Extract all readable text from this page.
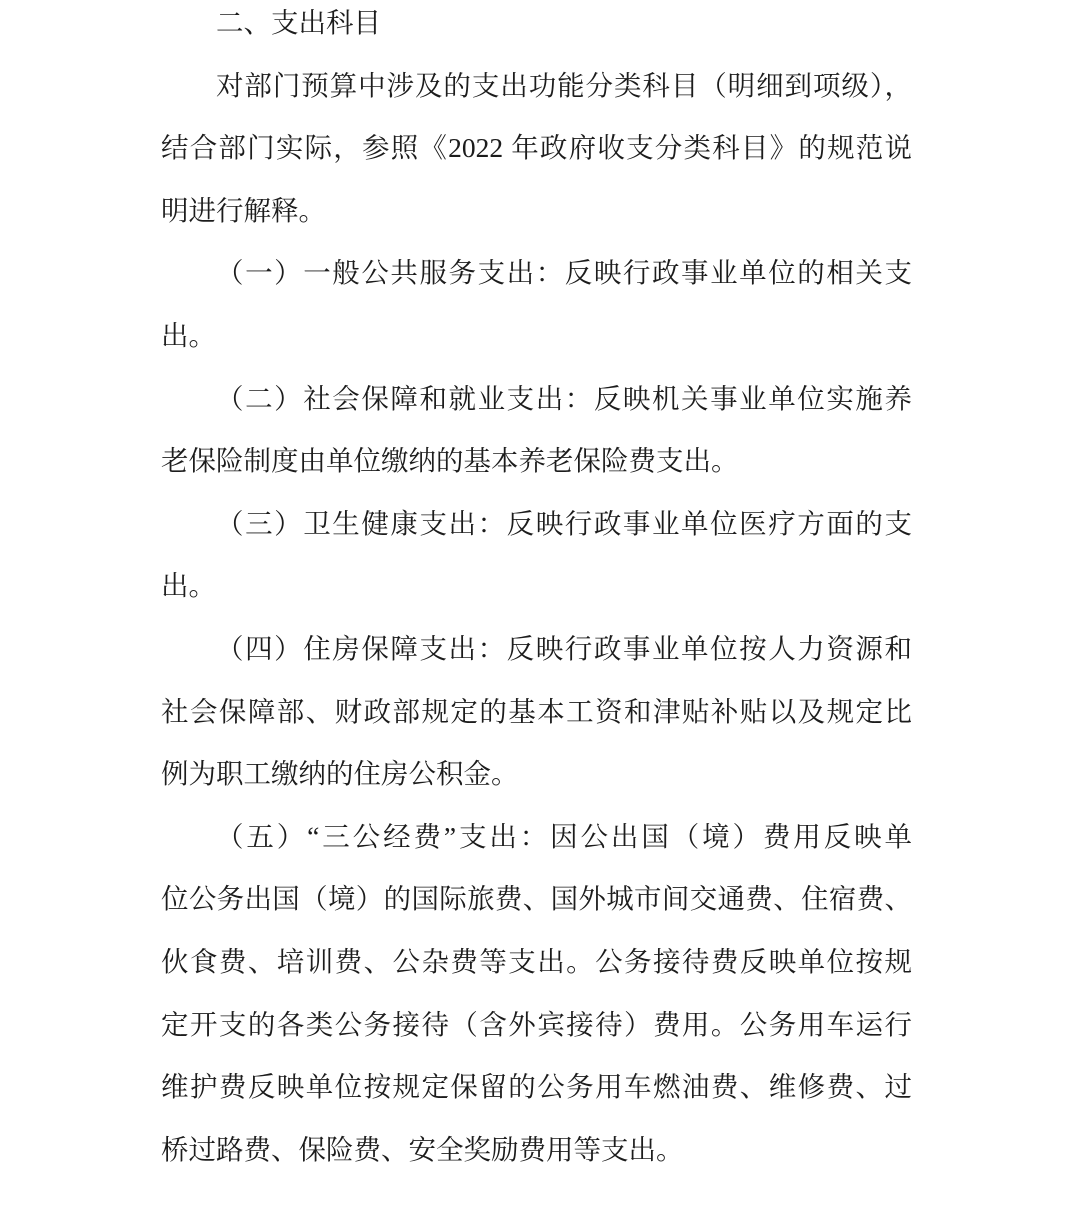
二、支出科目
对部门预算中涉及的支出功能分类科目（明细到项级），
结合部门实际，参照《2022 年政府收支分类科目》的规范说
明进行解释。
（一）一般公共服务支出：反映行政事业单位的相关支
出。
（二）社会保障和就业支出：反映机关事业单位实施养
老保险制度由单位缴纳的基本养老保险费支出。
（三）卫生健康支出：反映行政事业单位医疗方面的支
出。
（四）住房保障支出：反映行政事业单位按人力资源和
社会保障部、财政部规定的基本工资和津贴补贴以及规定比
例为职工缴纳的住房公积金。
（五）“三公经费”支出：因公出国（境）费用反映单
位公务出国（境）的国际旅费、国外城市间交通费、住宿费、
伙食费、培训费、公杂费等支出。公务接待费反映单位按规
定开支的各类公务接待（含外宾接待）费用。公务用车运行
维护费反映单位按规定保留的公务用车燃油费、维修费、过
桥过路费、保险费、安全奖励费用等支出。
